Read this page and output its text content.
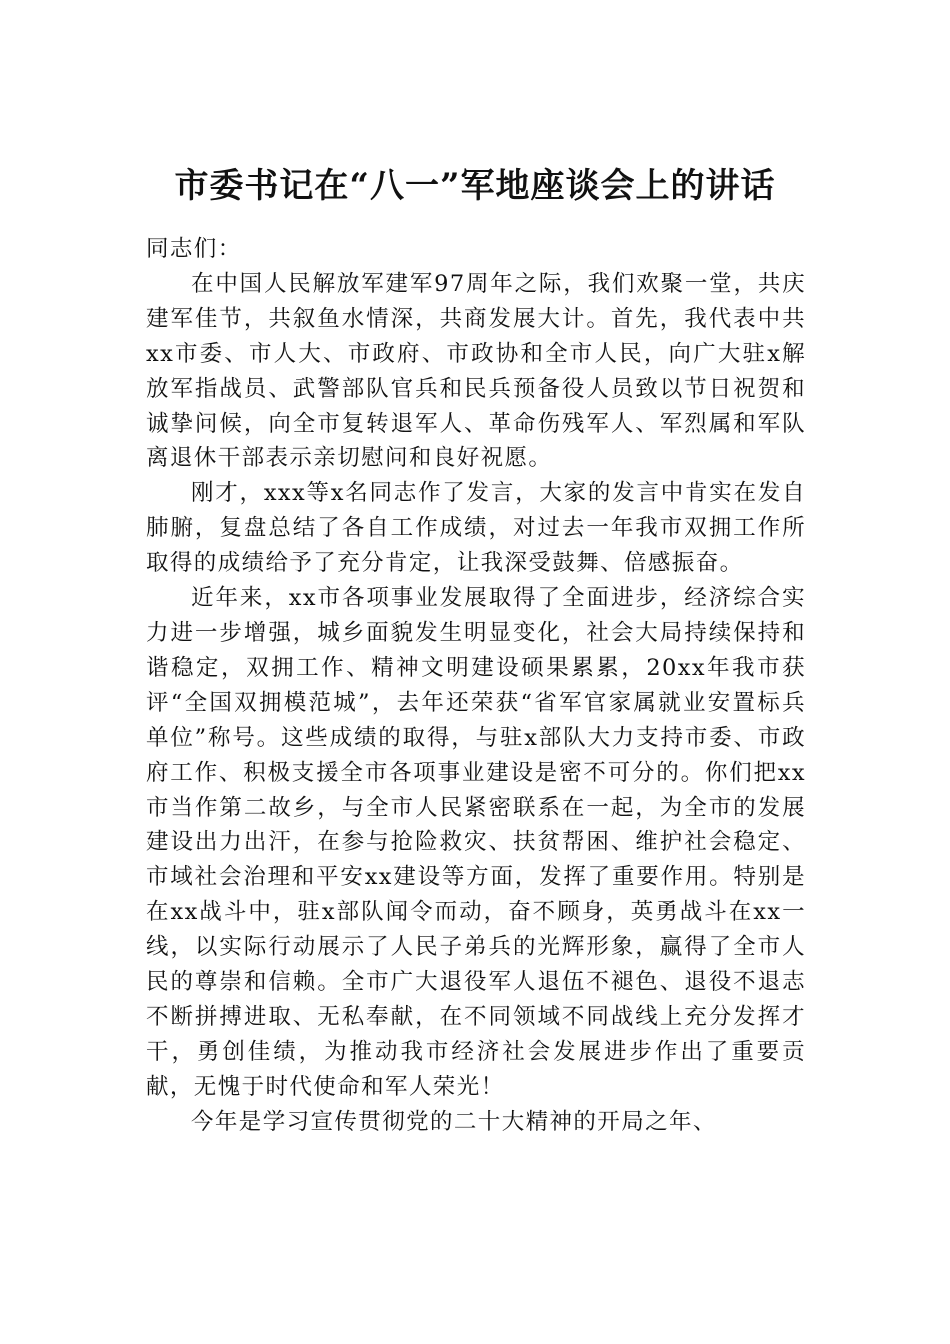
市委书记在“八一”军地座谈会上的讲话

同志们：

在中国人民解放军建军97周年之际，我们欢聚一堂，共庆建军佳节，共叙鱼水情深，共商发展大计。首先，我代表中共xx市委、市人大、市政府、市政协和全市人民，向广大驻x解放军指战员、武警部队官兵和民兵预备役人员致以节日祝贺和诚挚问候，向全市复转退军人、革命伤残军人、军烈属和军队离退休干部表示亲切慰问和良好祝愿。

刚才，xxx等x名同志作了发言，大家的发言中肯实在发自肺腑，复盘总结了各自工作成绩，对过去一年我市双拥工作所取得的成绩给予了充分肯定，让我深受鼓舞、倍感振奋。

近年来，xx市各项事业发展取得了全面进步，经济综合实力进一步增强，城乡面貌发生明显变化，社会大局持续保持和谐稳定，双拥工作、精神文明建设硕果累累，20xx年我市获评“全国双拥模范城”，去年还荣获“省军官家属就业安置标兵单位”称号。这些成绩的取得，与驻x部队大力支持市委、市政府工作、积极支援全市各项事业建设是密不可分的。你们把xx市当作第二故乡，与全市人民紧密联系在一起，为全市的发展建设出力出汗，在参与抢险救灾、扶贫帮困、维护社会稳定、市域社会治理和平安xx建设等方面，发挥了重要作用。特别是在xx战斗中，驻x部队闻令而动，奋不顾身，英勇战斗在xx一线，以实际行动展示了人民子弟兵的光辉形象，赢得了全市人民的尊崇和信赖。全市广大退役军人退伍不褪色、退役不退志不断拼搏进取、无私奉献，在不同领域不同战线上充分发挥才干，勇创佳绩，为推动我市经济社会发展进步作出了重要贡献，无愧于时代使命和军人荣光！

今年是学习宣传贯彻党的二十大精神的开局之年、
